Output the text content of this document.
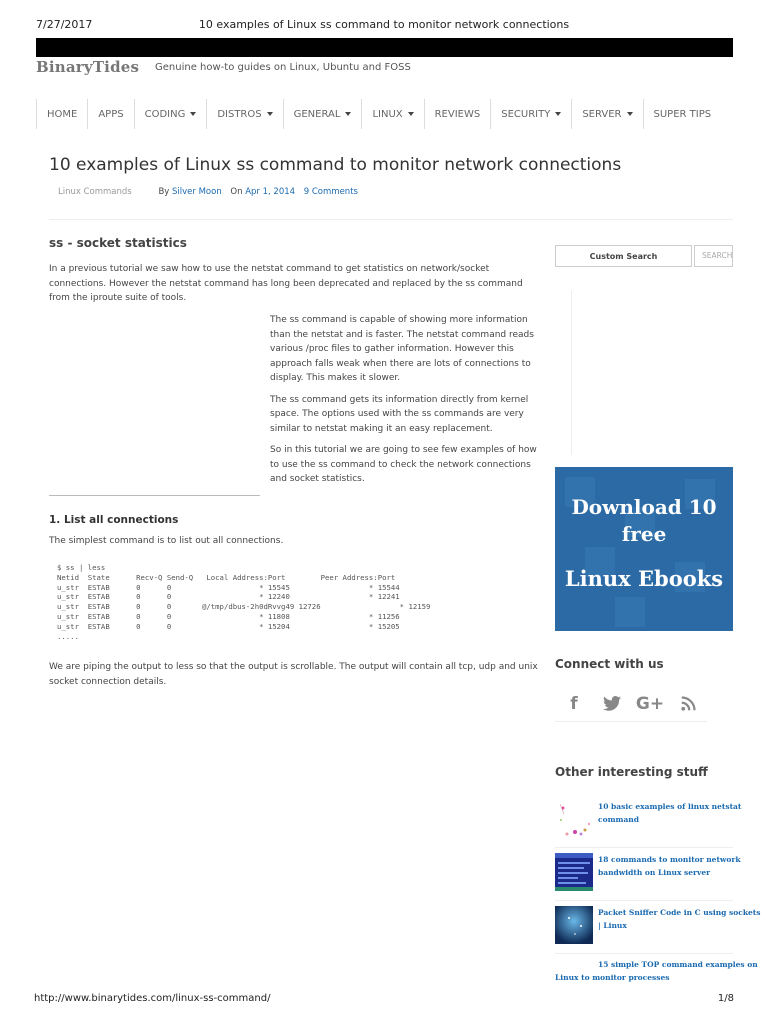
7/27/2017	10 examples of Linux ss command to monitor network connections
BinaryTides Genuine how-to guides on Linux, Ubuntu and FOSS
HOME APPS CODING	DISTROS	GENERAL	LINUX	REVIEWS SECURITY	SERVER	SUPER TIPS
10 examples of Linux ss command to monitor network connections
Linux Commands	By Silver Moon On Apr 1, 2014 9 Comments
ss - socket statistics

In a previous tutorial we saw how to use the netstat command to get statistics on network/socket connections. However the netstat command has long been deprecated and replaced by the ss command from the iproute suite of tools.

The ss command is capable of showing more information than the netstat and is faster. The netstat command reads various /proc files to gather information. However this approach falls weak when there are lots of connections to display. This makes it slower.

The ss command gets its information directly from kernel space. The options used with the ss commands are very similar to netstat making it an easy replacement.

So in this tutorial we are going to see few examples of how to use the ss command to check the network connections and socket statistics.

1. List all connections

The simplest command is to list out all connections.

$ ss | less
Netid  State      Recv-Q Send-Q   Local Address:Port        Peer Address:Port
u_str  ESTAB      0      0                    * 15545                  * 15544
u_str  ESTAB      0      0                    * 12240                  * 12241
u_str  ESTAB      0      0       @/tmp/dbus-2h0dRvvg49 12726                  * 12159
u_str  ESTAB      0      0                    * 11808                  * 11256
u_str  ESTAB      0      0                    * 15204                  * 15205
.....

We are piping the output to less so that the output is scrollable. The output will contain all tcp, udp and unix socket connection details.

Custom Search	SEARCH
Download 10
free
Linux Ebooks
Connect with us
f	G+
Other interesting stuff
10 basic examples of linux netstat
command
18 commands to monitor network
bandwidth on Linux server
Packet Sniffer Code in C using sockets
| Linux
15 simple TOP command examples on
Linux to monitor processes
http://www.binarytides.com/linux-ss-command/	1/8
